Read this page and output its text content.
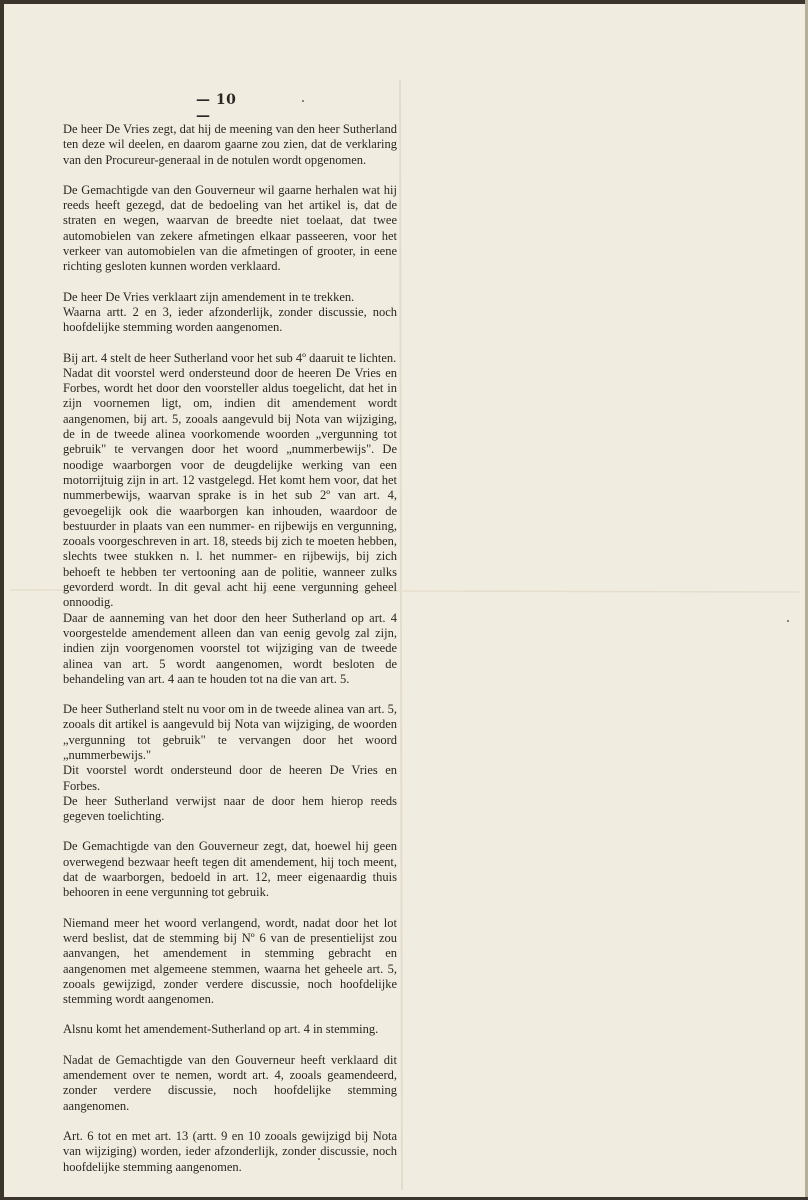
— 10 —

De heer De Vries zegt, dat hij de meening van den heer Sutherland ten deze wil deelen, en daarom gaarne zou zien, dat de verklaring van den Procureur-generaal in de notulen wordt opgenomen.

De Gemachtigde van den Gouverneur wil gaarne herhalen wat hij reeds heeft gezegd, dat de bedoeling van het artikel is, dat de straten en wegen, waarvan de breedte niet toelaat, dat twee automobielen van zekere afmetingen elkaar passeeren, voor het verkeer van automobielen van die afmetingen of grooter, in eene richting gesloten kunnen worden verklaard.

De heer De Vries verklaart zijn amendement in te trekken.

Waarna artt. 2 en 3, ieder afzonderlijk, zonder discussie, noch hoofdelijke stemming worden aangenomen.

Bij art. 4 stelt de heer Sutherland voor het sub 4º daaruit te lichten.

Nadat dit voorstel werd ondersteund door de heeren De Vries en Forbes, wordt het door den voorsteller aldus toegelicht, dat het in zijn voornemen ligt, om, indien dit amendement wordt aangenomen, bij art. 5, zooals aangevuld bij Nota van wijziging, de in de tweede alinea voorkomende woorden „vergunning tot gebruik" te vervangen door het woord „nummerbewijs". De noodige waarborgen voor de deugdelijke werking van een motorrijtuig zijn in art. 12 vastgelegd. Het komt hem voor, dat het nummerbewijs, waarvan sprake is in het sub 2º van art. 4, gevoegelijk ook die waarborgen kan inhouden, waardoor de bestuurder in plaats van een nummer- en rijbewijs en vergunning, zooals voorgeschreven in art. 18, steeds bij zich te moeten hebben, slechts twee stukken n. l. het nummer- en rijbewijs, bij zich behoeft te hebben ter vertooning aan de politie, wanneer zulks gevorderd wordt. In dit geval acht hij eene vergunning geheel onnoodig.

Daar de aanneming van het door den heer Sutherland op art. 4 voorgestelde amendement alleen dan van eenig gevolg zal zijn, indien zijn voorgenomen voorstel tot wijziging van de tweede alinea van art. 5 wordt aangenomen, wordt besloten de behandeling van art. 4 aan te houden tot na die van art. 5.

De heer Sutherland stelt nu voor om in de tweede alinea van art. 5, zooals dit artikel is aangevuld bij Nota van wijziging, de woorden „vergunning tot gebruik" te vervangen door het woord „nummerbewijs."

Dit voorstel wordt ondersteund door de heeren De Vries en Forbes.

De heer Sutherland verwijst naar de door hem hierop reeds gegeven toelichting.

De Gemachtigde van den Gouverneur zegt, dat, hoewel hij geen overwegend bezwaar heeft tegen dit amendement, hij toch meent, dat de waarborgen, bedoeld in art. 12, meer eigenaardig thuis behooren in eene vergunning tot gebruik.

Niemand meer het woord verlangend, wordt, nadat door het lot werd beslist, dat de stemming bij Nº 6 van de presentielijst zou aanvangen, het amendement in stemming gebracht en aangenomen met algemeene stemmen, waarna het geheele art. 5, zooals gewijzigd, zonder verdere discussie, noch hoofdelijke stemming wordt aangenomen.

Alsnu komt het amendement-Sutherland op art. 4 in stemming.

Nadat de Gemachtigde van den Gouverneur heeft verklaard dit amendement over te nemen, wordt art. 4, zooals geamendeerd, zonder verdere discussie, noch hoofdelijke stemming aangenomen.

Art. 6 tot en met art. 13 (artt. 9 en 10 zooals gewijzigd bij Nota van wijziging) worden, ieder afzonderlijk, zonder discussie, noch hoofdelijke stemming aangenomen.
